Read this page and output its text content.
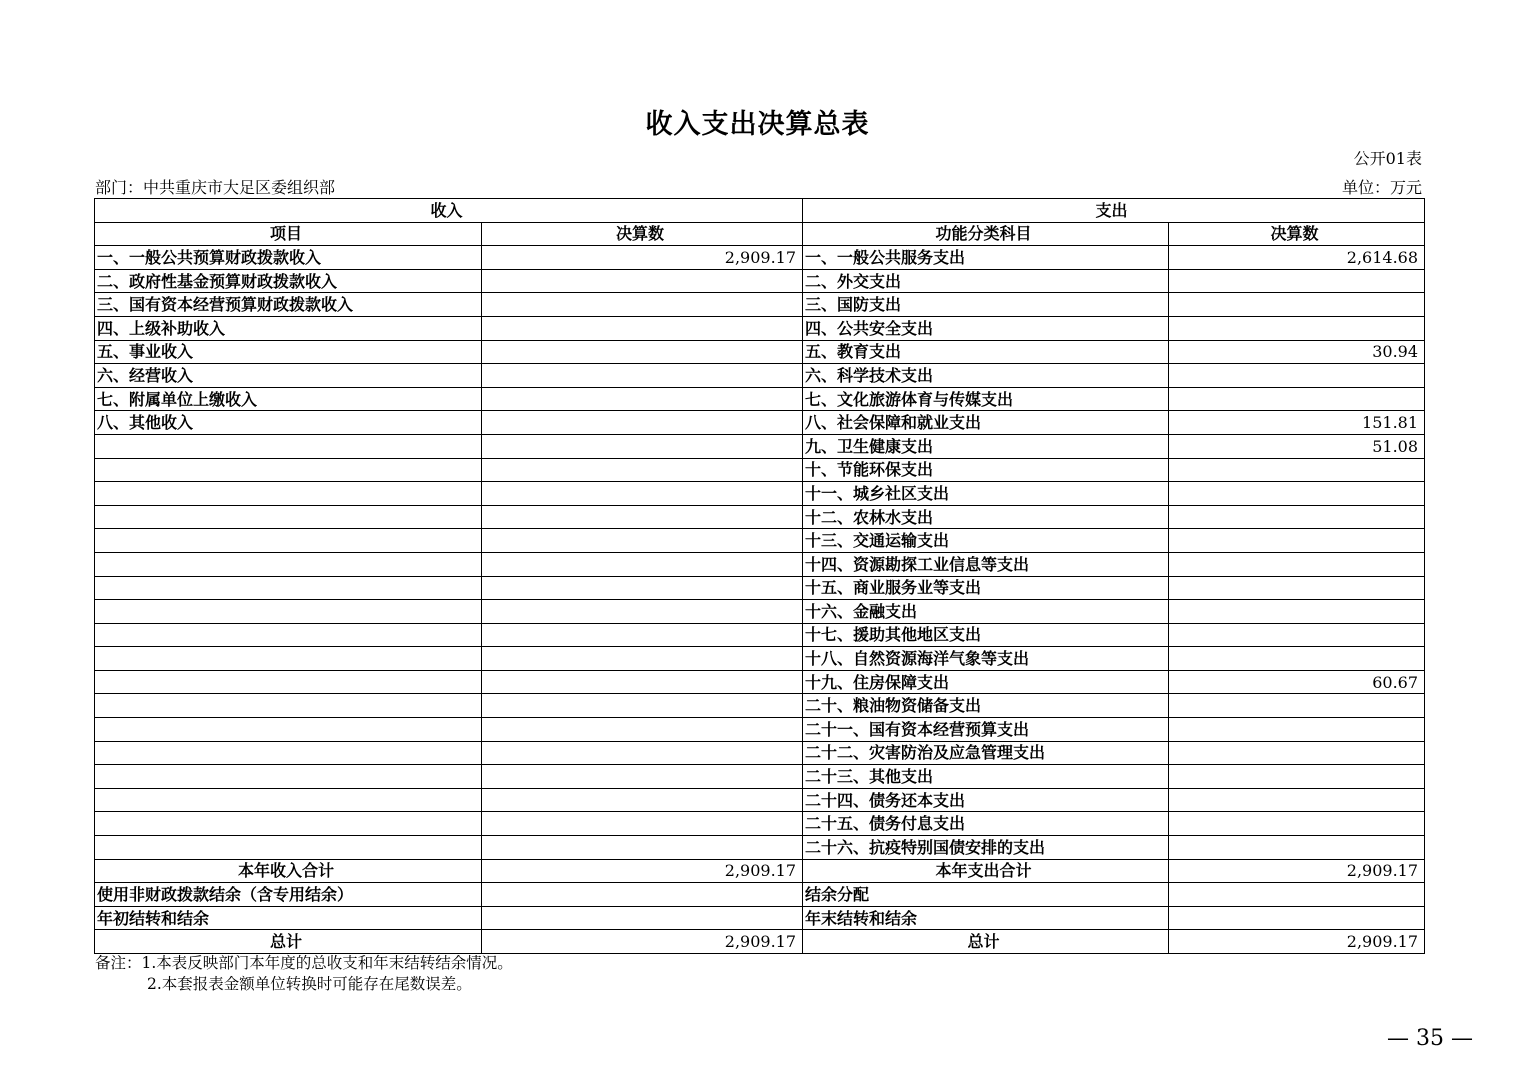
收入支出决算总表
公开01表
部门：中共重庆市大足区委组织部	单位：万元
收入		支出	
项目	决算数	功能分类科目	决算数
一、一般公共预算财政拨款收入	2,909.17	一、一般公共服务支出	2,614.68
二、政府性基金预算财政拨款收入		二、外交支出	
三、国有资本经营预算财政拨款收入		三、国防支出	
四、上级补助收入		四、公共安全支出	
五、事业收入		五、教育支出	30.94
六、经营收入		六、科学技术支出	
七、附属单位上缴收入		七、文化旅游体育与传媒支出	
八、其他收入		八、社会保障和就业支出	151.81
		九、卫生健康支出	51.08
		十、节能环保支出	
		十一、城乡社区支出	
		十二、农林水支出	
		十三、交通运输支出	
		十四、资源勘探工业信息等支出	
		十五、商业服务业等支出	
		十六、金融支出	
		十七、援助其他地区支出	
		十八、自然资源海洋气象等支出	
		十九、住房保障支出	60.67
		二十、粮油物资储备支出	
		二十一、国有资本经营预算支出	
		二十二、灾害防治及应急管理支出	
		二十三、其他支出	
		二十四、债务还本支出	
		二十五、债务付息支出	
		二十六、抗疫特别国债安排的支出	
本年收入合计	2,909.17	本年支出合计	2,909.17
使用非财政拨款结余（含专用结余）		结余分配	
年初结转和结余		年末结转和结余	
总计	2,909.17	总计	2,909.17
备注：1.本表反映部门本年度的总收支和年末结转结余情况。
2.本套报表金额单位转换时可能存在尾数误差。
— 35 —
